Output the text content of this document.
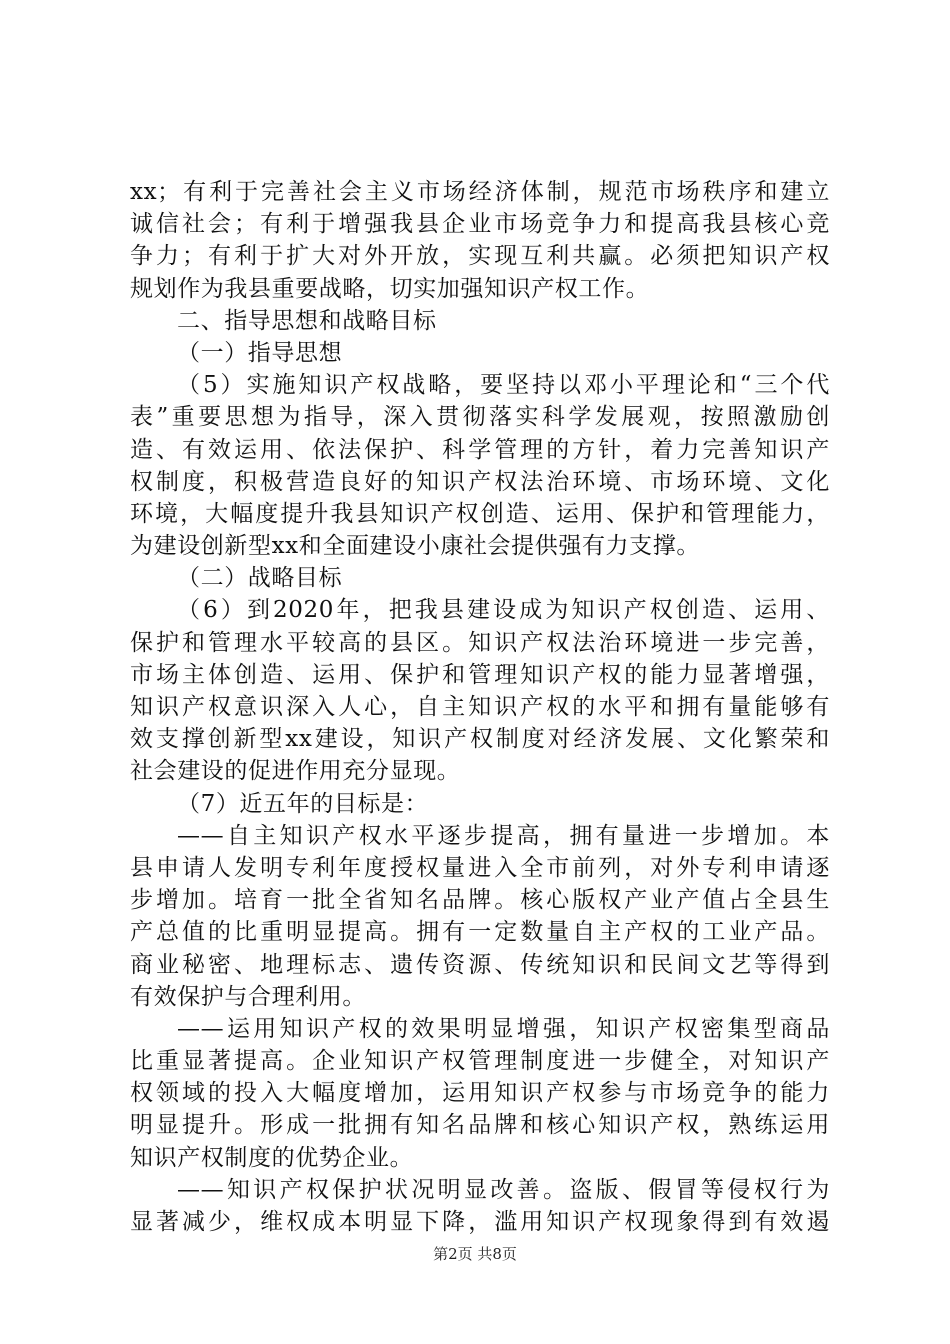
xx；有利于完善社会主义市场经济体制，规范市场秩序和建立
诚信社会；有利于增强我县企业市场竞争力和提高我县核心竞
争力；有利于扩大对外开放，实现互利共赢。必须把知识产权
规划作为我县重要战略，切实加强知识产权工作。
二、指导思想和战略目标
（一）指导思想
（5）实施知识产权战略，要坚持以邓小平理论和“三个代
表”重要思想为指导，深入贯彻落实科学发展观，按照激励创
造、有效运用、依法保护、科学管理的方针，着力完善知识产
权制度，积极营造良好的知识产权法治环境、市场环境、文化
环境，大幅度提升我县知识产权创造、运用、保护和管理能力，
为建设创新型xx和全面建设小康社会提供强有力支撑。
（二）战略目标
（6）到2020年，把我县建设成为知识产权创造、运用、
保护和管理水平较高的县区。知识产权法治环境进一步完善，
市场主体创造、运用、保护和管理知识产权的能力显著增强，
知识产权意识深入人心，自主知识产权的水平和拥有量能够有
效支撑创新型xx建设，知识产权制度对经济发展、文化繁荣和
社会建设的促进作用充分显现。
（7）近五年的目标是：
——自主知识产权水平逐步提高，拥有量进一步增加。本
县申请人发明专利年度授权量进入全市前列，对外专利申请逐
步增加。培育一批全省知名品牌。核心版权产业产值占全县生
产总值的比重明显提高。拥有一定数量自主产权的工业产品。
商业秘密、地理标志、遗传资源、传统知识和民间文艺等得到
有效保护与合理利用。
——运用知识产权的效果明显增强，知识产权密集型商品
比重显著提高。企业知识产权管理制度进一步健全，对知识产
权领域的投入大幅度增加，运用知识产权参与市场竞争的能力
明显提升。形成一批拥有知名品牌和核心知识产权，熟练运用
知识产权制度的优势企业。
——知识产权保护状况明显改善。盗版、假冒等侵权行为
显著减少，维权成本明显下降，滥用知识产权现象得到有效遏
第2页 共8页
